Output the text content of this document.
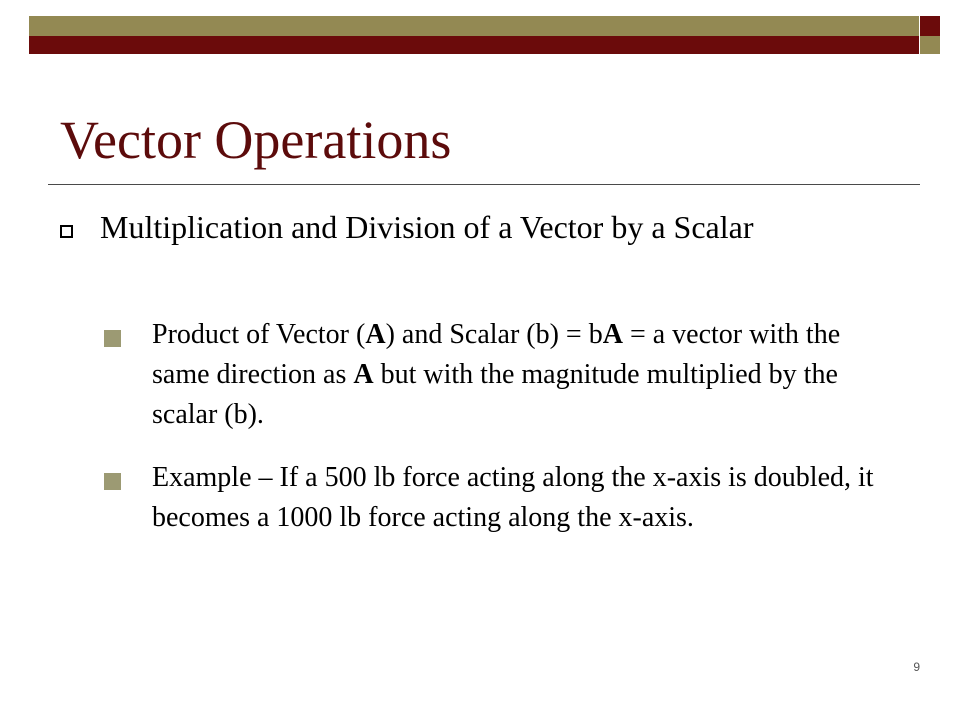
Vector Operations
Multiplication and Division of a Vector by a Scalar
Product of Vector (A) and Scalar (b) = bA = a vector with the same direction as A but with the magnitude multiplied by the scalar (b).
Example – If a 500 lb force acting along the x-axis is doubled, it becomes a 1000 lb force acting along the x-axis.
9
